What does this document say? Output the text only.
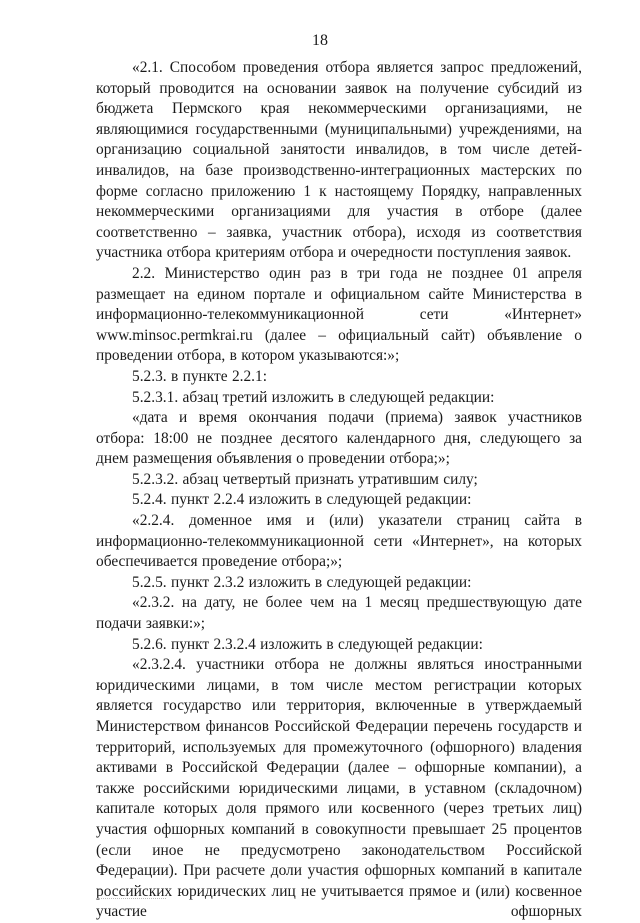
18

«2.1. Способом проведения отбора является запрос предложений, который проводится на основании заявок на получение субсидий из бюджета Пермского края некоммерческими организациями, не являющимися государственными (муниципальными) учреждениями, на организацию социальной занятости инвалидов, в том числе детей-инвалидов, на базе производственно-интеграционных мастерских по форме согласно приложению 1 к настоящему Порядку, направленных некоммерческими организациями для участия в отборе (далее соответственно – заявка, участник отбора), исходя из соответствия участника отбора критериям отбора и очередности поступления заявок.

2.2. Министерство один раз в три года не позднее 01 апреля размещает на едином портале и официальном сайте Министерства в информационно-телекоммуникационной сети «Интернет» www.minsoc.permkrai.ru (далее – официальный сайт) объявление о проведении отбора, в котором указываются:»;

5.2.3. в пункте 2.2.1:

5.2.3.1. абзац третий изложить в следующей редакции:

«дата и время окончания подачи (приема) заявок участников отбора: 18:00 не позднее десятого календарного дня, следующего за днем размещения объявления о проведении отбора;»;

5.2.3.2. абзац четвертый признать утратившим силу;

5.2.4. пункт 2.2.4 изложить в следующей редакции:

«2.2.4. доменное имя и (или) указатели страниц сайта в информационно-телекоммуникационной сети «Интернет», на которых обеспечивается проведение отбора;»;

5.2.5. пункт 2.3.2 изложить в следующей редакции:

«2.3.2. на дату, не более чем на 1 месяц предшествующую дате подачи заявки:»;

5.2.6. пункт 2.3.2.4 изложить в следующей редакции:

«2.3.2.4. участники отбора не должны являться иностранными юридическими лицами, в том числе местом регистрации которых является государство или территория, включенные в утверждаемый Министерством финансов Российской Федерации перечень государств и территорий, используемых для промежуточного (офшорного) владения активами в Российской Федерации (далее – офшорные компании), а также российскими юридическими лицами, в уставном (складочном) капитале которых доля прямого или косвенного (через третьих лиц) участия офшорных компаний в совокупности превышает 25 процентов (если иное не предусмотрено законодательством Российской Федерации). При расчете доли участия офшорных компаний в капитале российских юридических лиц не учитывается прямое и (или) косвенное участие офшорных
